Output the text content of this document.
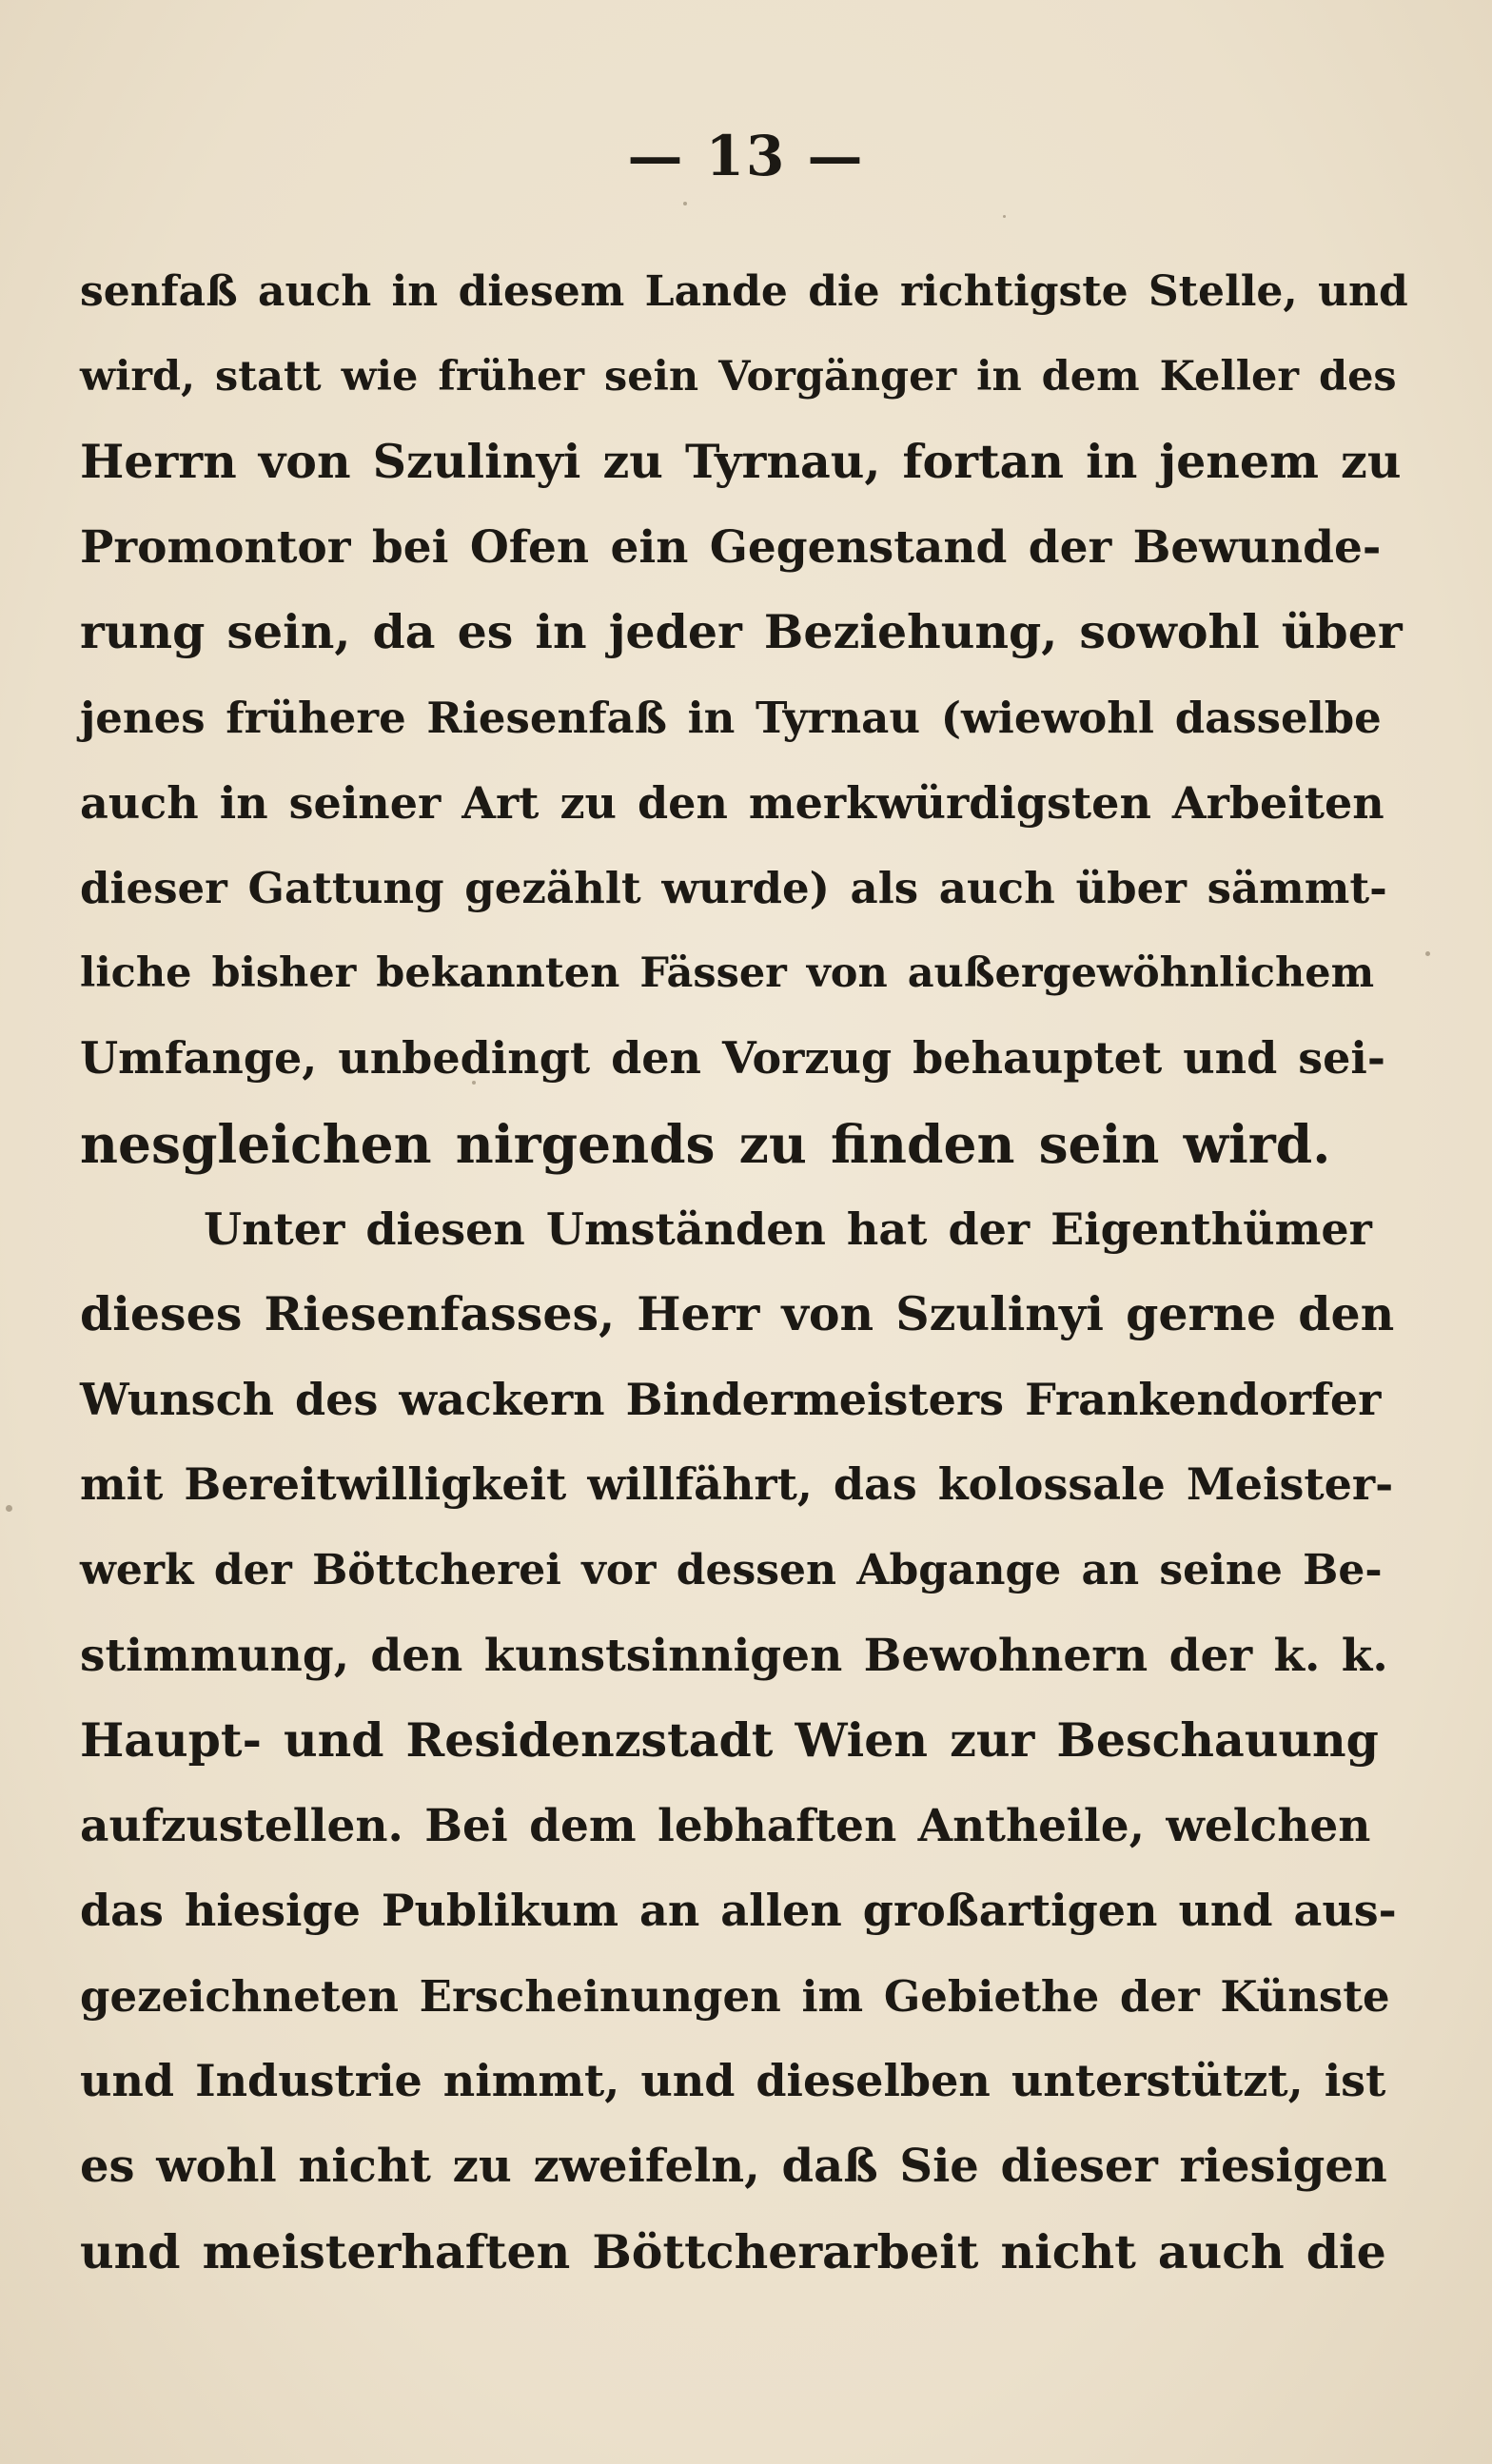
— 13 —
senfaß auch in diesem Lande die richtigste Stelle, und
wird, statt wie früher sein Vorgänger in dem Keller des
Herrn von Szulinyi zu Tyrnau, fortan in jenem zu
Promontor bei Ofen ein Gegenstand der Bewunde-
rung sein, da es in jeder Beziehung, sowohl über
jenes frühere Riesenfaß in Tyrnau (wiewohl dasselbe
auch in seiner Art zu den merkwürdigsten Arbeiten
dieser Gattung gezählt wurde) als auch über sämmt-
liche bisher bekannten Fässer von außergewöhnlichem
Umfange, unbedingt den Vorzug behauptet und sei-
nesgleichen nirgends zu finden sein wird.
Unter diesen Umständen hat der Eigenthümer
dieses Riesenfasses, Herr von Szulinyi gerne den
Wunsch des wackern Bindermeisters Frankendorfer
mit Bereitwilligkeit willfährt, das kolossale Meister-
werk der Böttcherei vor dessen Abgange an seine Be-
stimmung, den kunstsinnigen Bewohnern der k. k.
Haupt- und Residenzstadt Wien zur Beschauung
aufzustellen. Bei dem lebhaften Antheile, welchen
das hiesige Publikum an allen großartigen und aus-
gezeichneten Erscheinungen im Gebiethe der Künste
und Industrie nimmt, und dieselben unterstützt, ist
es wohl nicht zu zweifeln, daß Sie dieser riesigen
und meisterhaften Böttcherarbeit nicht auch die
